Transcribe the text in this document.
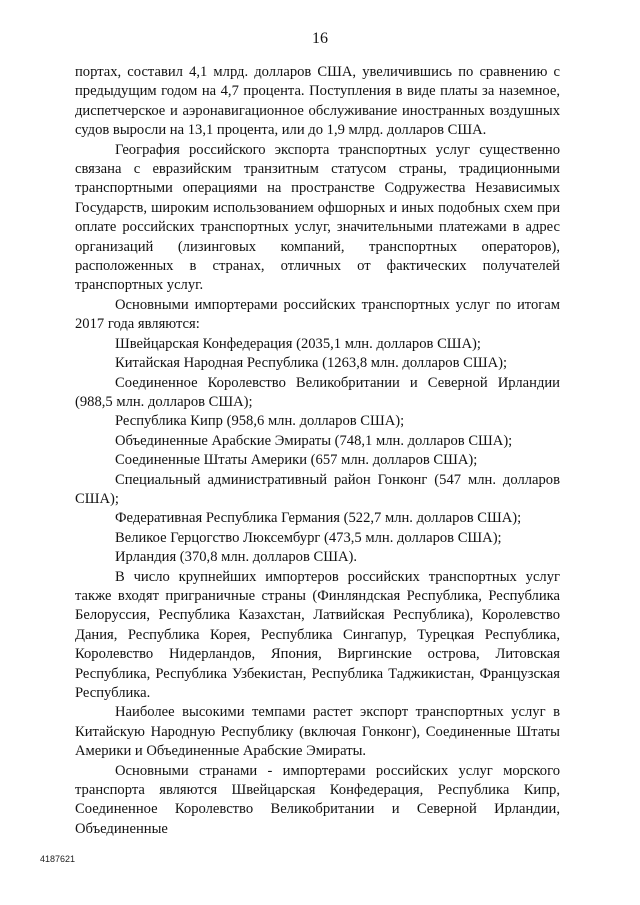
16

портах, составил 4,1 млрд. долларов США, увеличившись по сравнению с предыдущим годом на 4,7 процента. Поступления в виде платы за наземное, диспетчерское и аэронавигационное обслуживание иностранных воздушных судов выросли на 13,1 процента, или до 1,9 млрд. долларов США.

География российского экспорта транспортных услуг существенно связана с евразийским транзитным статусом страны, традиционными транспортными операциями на пространстве Содружества Независимых Государств, широким использованием офшорных и иных подобных схем при оплате российских транспортных услуг, значительными платежами в адрес организаций (лизинговых компаний, транспортных операторов), расположенных в странах, отличных от фактических получателей транспортных услуг.

Основными импортерами российских транспортных услуг по итогам 2017 года являются:

Швейцарская Конфедерация (2035,1 млн. долларов США);

Китайская Народная Республика (1263,8 млн. долларов США);

Соединенное Королевство Великобритании и Северной Ирландии (988,5 млн. долларов США);

Республика Кипр (958,6 млн. долларов США);

Объединенные Арабские Эмираты (748,1 млн. долларов США);

Соединенные Штаты Америки (657 млн. долларов США);

Специальный административный район Гонконг (547 млн. долларов США);

Федеративная Республика Германия (522,7 млн. долларов США);

Великое Герцогство Люксембург (473,5 млн. долларов США);

Ирландия (370,8 млн. долларов США).

В число крупнейших импортеров российских транспортных услуг также входят приграничные страны (Финляндская Республика, Республика Белоруссия, Республика Казахстан, Латвийская Республика), Королевство Дания, Республика Корея, Республика Сингапур, Турецкая Республика, Королевство Нидерландов, Япония, Виргинские острова, Литовская Республика, Республика Узбекистан, Республика Таджикистан, Французская Республика.

Наиболее высокими темпами растет экспорт транспортных услуг в Китайскую Народную Республику (включая Гонконг), Соединенные Штаты Америки и Объединенные Арабские Эмираты.

Основными странами - импортерами российских услуг морского транспорта являются Швейцарская Конфедерация, Республика Кипр, Соединенное Королевство Великобритании и Северной Ирландии, Объединенные

4187621
